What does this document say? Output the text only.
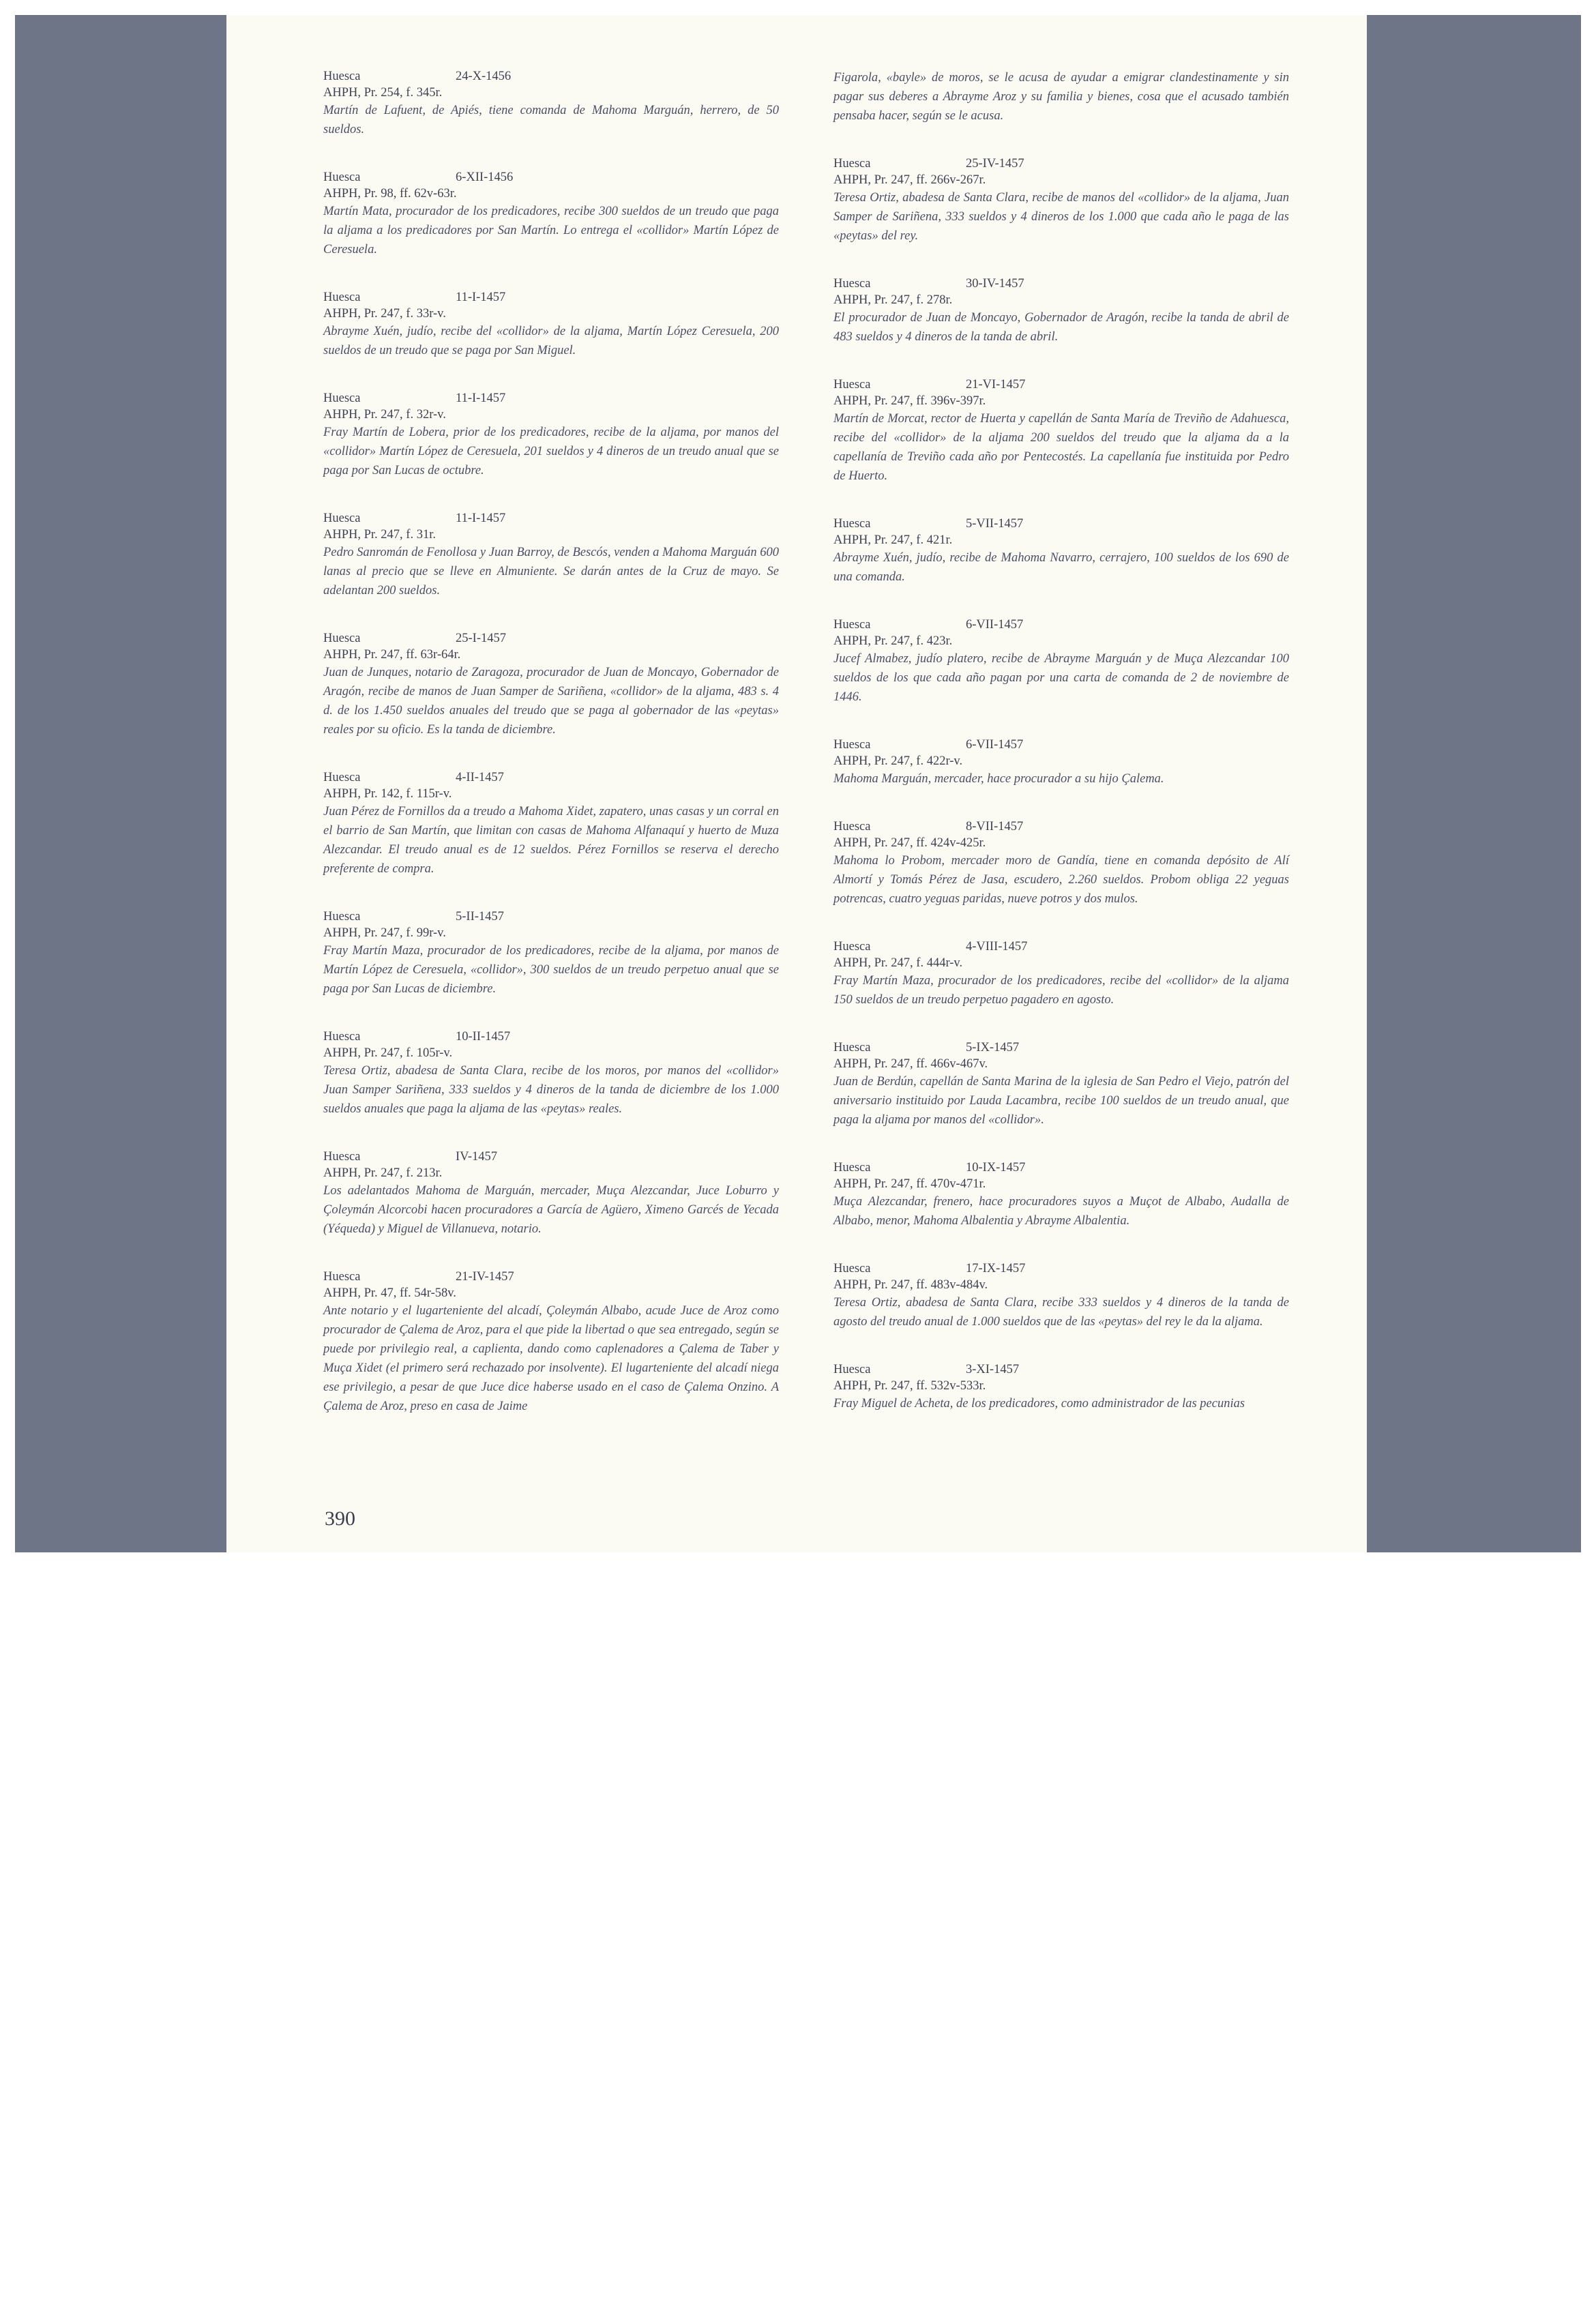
Huesca	24-X-1456
AHPH, Pr. 254, f. 345r.
Martín de Lafuent, de Apiés, tiene comanda de Mahoma Marguán, herrero, de 50 sueldos.
Huesca	6-XII-1456
AHPH, Pr. 98, ff. 62v-63r.
Martín Mata, procurador de los predicadores, recibe 300 sueldos de un treudo que paga la aljama a los predicadores por San Martín. Lo entrega el «collidor» Martín López de Ceresuela.
Huesca	11-I-1457
AHPH, Pr. 247, f. 33r-v.
Abrayme Xuén, judío, recibe del «collidor» de la aljama, Martín López Ceresuela, 200 sueldos de un treudo que se paga por San Miguel.
Huesca	11-I-1457
AHPH, Pr. 247, f. 32r-v.
Fray Martín de Lobera, prior de los predicadores, recibe de la aljama, por manos del «collidor» Martín López de Ceresuela, 201 sueldos y 4 dineros de un treudo anual que se paga por San Lucas de octubre.
Huesca	11-I-1457
AHPH, Pr. 247, f. 31r.
Pedro Sanromán de Fenollosa y Juan Barroy, de Bescós, venden a Mahoma Marguán 600 lanas al precio que se lleve en Almuniente. Se darán antes de la Cruz de mayo. Se adelantan 200 sueldos.
Huesca	25-I-1457
AHPH, Pr. 247, ff. 63r-64r.
Juan de Junques, notario de Zaragoza, procurador de Juan de Moncayo, Gobernador de Aragón, recibe de manos de Juan Samper de Sariñena, «collidor» de la aljama, 483 s. 4 d. de los 1.450 sueldos anuales del treudo que se paga al gobernador de las «peytas» reales por su oficio. Es la tanda de diciembre.
Huesca	4-II-1457
AHPH, Pr. 142, f. 115r-v.
Juan Pérez de Fornillos da a treudo a Mahoma Xidet, zapatero, unas casas y un corral en el barrio de San Martín, que limitan con casas de Mahoma Alfanaquí y huerto de Muza Alezcandar. El treudo anual es de 12 sueldos. Pérez Fornillos se reserva el derecho preferente de compra.
Huesca	5-II-1457
AHPH, Pr. 247, f. 99r-v.
Fray Martín Maza, procurador de los predicadores, recibe de la aljama, por manos de Martín López de Ceresuela, «collidor», 300 sueldos de un treudo perpetuo anual que se paga por San Lucas de diciembre.
Huesca	10-II-1457
AHPH, Pr. 247, f. 105r-v.
Teresa Ortiz, abadesa de Santa Clara, recibe de los moros, por manos del «collidor» Juan Samper Sariñena, 333 sueldos y 4 dineros de la tanda de diciembre de los 1.000 sueldos anuales que paga la aljama de las «peytas» reales.
Huesca	IV-1457
AHPH, Pr. 247, f. 213r.
Los adelantados Mahoma de Marguán, mercader, Muça Alezcandar, Juce Loburro y Çoleymán Alcorcobi hacen procuradores a García de Agüero, Ximeno Garcés de Yecada (Yéqueda) y Miguel de Villanueva, notario.
Huesca	21-IV-1457
AHPH, Pr. 47, ff. 54r-58v.
Ante notario y el lugarteniente del alcadí, Çoleymán Albabo, acude Juce de Aroz como procurador de Çalema de Aroz, para el que pide la libertad o que sea entregado, según se puede por privilegio real, a caplienta, dando como caplenadores a Çalema de Taber y Muça Xidet (el primero será rechazado por insolvente). El lugarteniente del alcadí niega ese privilegio, a pesar de que Juce dice haberse usado en el caso de Çalema Onzino. A Çalema de Aroz, preso en casa de Jaime
Figarola, «bayle» de moros, se le acusa de ayudar a emigrar clandestinamente y sin pagar sus deberes a Abrayme Aroz y su familia y bienes, cosa que el acusado también pensaba hacer, según se le acusa.
Huesca	25-IV-1457
AHPH, Pr. 247, ff. 266v-267r.
Teresa Ortiz, abadesa de Santa Clara, recibe de manos del «collidor» de la aljama, Juan Samper de Sariñena, 333 sueldos y 4 dineros de los 1.000 que cada año le paga de las «peytas» del rey.
Huesca	30-IV-1457
AHPH, Pr. 247, f. 278r.
El procurador de Juan de Moncayo, Gobernador de Aragón, recibe la tanda de abril de 483 sueldos y 4 dineros de la tanda de abril.
Huesca	21-VI-1457
AHPH, Pr. 247, ff. 396v-397r.
Martín de Morcat, rector de Huerta y capellán de Santa María de Treviño de Adahuesca, recibe del «collidor» de la aljama 200 sueldos del treudo que la aljama da a la capellanía de Treviño cada año por Pentecostés. La capellanía fue instituida por Pedro de Huerto.
Huesca	5-VII-1457
AHPH, Pr. 247, f. 421r.
Abrayme Xuén, judío, recibe de Mahoma Navarro, cerrajero, 100 sueldos de los 690 de una comanda.
Huesca	6-VII-1457
AHPH, Pr. 247, f. 423r.
Jucef Almabez, judío platero, recibe de Abrayme Marguán y de Muça Alezcandar 100 sueldos de los que cada año pagan por una carta de comanda de 2 de noviembre de 1446.
Huesca	6-VII-1457
AHPH, Pr. 247, f. 422r-v.
Mahoma Marguán, mercader, hace procurador a su hijo Çalema.
Huesca	8-VII-1457
AHPH, Pr. 247, ff. 424v-425r.
Mahoma lo Probom, mercader moro de Gandía, tiene en comanda depósito de Alí Almortí y Tomás Pérez de Jasa, escudero, 2.260 sueldos. Probom obliga 22 yeguas potrencas, cuatro yeguas paridas, nueve potros y dos mulos.
Huesca	4-VIII-1457
AHPH, Pr. 247, f. 444r-v.
Fray Martín Maza, procurador de los predicadores, recibe del «collidor» de la aljama 150 sueldos de un treudo perpetuo pagadero en agosto.
Huesca	5-IX-1457
AHPH, Pr. 247, ff. 466v-467v.
Juan de Berdún, capellán de Santa Marina de la iglesia de San Pedro el Viejo, patrón del aniversario instituido por Lauda Lacambra, recibe 100 sueldos de un treudo anual, que paga la aljama por manos del «collidor».
Huesca	10-IX-1457
AHPH, Pr. 247, ff. 470v-471r.
Muça Alezcandar, frenero, hace procuradores suyos a Muçot de Albabo, Audalla de Albabo, menor, Mahoma Albalentia y Abrayme Albalentia.
Huesca	17-IX-1457
AHPH, Pr. 247, ff. 483v-484v.
Teresa Ortiz, abadesa de Santa Clara, recibe 333 sueldos y 4 dineros de la tanda de agosto del treudo anual de 1.000 sueldos que de las «peytas» del rey le da la aljama.
Huesca	3-XI-1457
AHPH, Pr. 247, ff. 532v-533r.
Fray Miguel de Acheta, de los predicadores, como administrador de las pecunias
390
